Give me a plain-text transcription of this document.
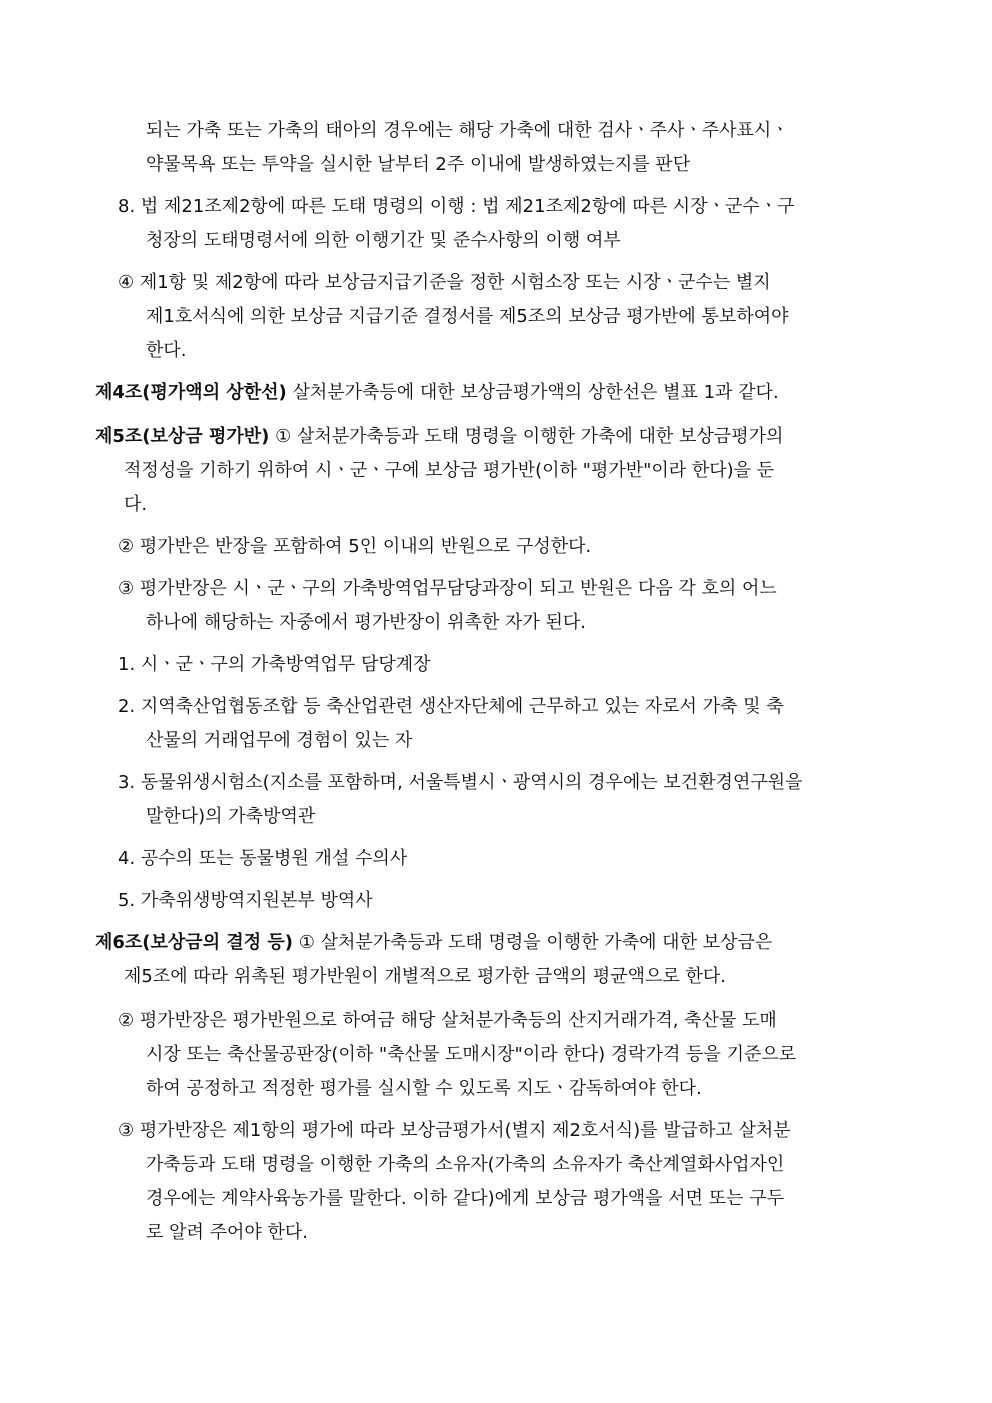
되는 가축 또는 가축의 태아의 경우에는 해당 가축에 대한 검사ㆍ주사ㆍ주사표시ㆍ
약물목욕 또는 투약을 실시한 날부터 2주 이내에 발생하였는지를 판단
8. 법 제21조제2항에 따른 도태 명령의 이행 : 법 제21조제2항에 따른 시장ㆍ군수ㆍ구
청장의 도태명령서에 의한 이행기간 및 준수사항의 이행 여부
④ 제1항 및 제2항에 따라 보상금지급기준을 정한 시험소장 또는 시장ㆍ군수는 별지
제1호서식에 의한 보상금 지급기준 결정서를 제5조의 보상금 평가반에 통보하여야
한다.
제4조(평가액의 상한선) 살처분가축등에 대한 보상금평가액의 상한선은 별표 1과 같다.
제5조(보상금 평가반) ① 살처분가축등과 도태 명령을 이행한 가축에 대한 보상금평가의
적정성을 기하기 위하여 시ㆍ군ㆍ구에 보상금 평가반(이하 "평가반"이라 한다)을 둔
다.
② 평가반은 반장을 포함하여 5인 이내의 반원으로 구성한다.
③ 평가반장은 시ㆍ군ㆍ구의 가축방역업무담당과장이 되고 반원은 다음 각 호의 어느
하나에 해당하는 자중에서 평가반장이 위촉한 자가 된다.
1. 시ㆍ군ㆍ구의 가축방역업무 담당계장
2. 지역축산업협동조합 등 축산업관련 생산자단체에 근무하고 있는 자로서 가축 및 축
산물의 거래업무에 경험이 있는 자
3. 동물위생시험소(지소를 포함하며, 서울특별시ㆍ광역시의 경우에는 보건환경연구원을
말한다)의 가축방역관
4. 공수의 또는 동물병원 개설 수의사
5. 가축위생방역지원본부 방역사
제6조(보상금의 결정 등) ① 살처분가축등과 도태 명령을 이행한 가축에 대한 보상금은
제5조에 따라 위촉된 평가반원이 개별적으로 평가한 금액의 평균액으로 한다.
② 평가반장은 평가반원으로 하여금 해당 살처분가축등의 산지거래가격, 축산물 도매
시장 또는 축산물공판장(이하 "축산물 도매시장"이라 한다) 경락가격 등을 기준으로
하여 공정하고 적정한 평가를 실시할 수 있도록 지도ㆍ감독하여야 한다.
③ 평가반장은 제1항의 평가에 따라 보상금평가서(별지 제2호서식)를 발급하고 살처분
가축등과 도태 명령을 이행한 가축의 소유자(가축의 소유자가 축산계열화사업자인
경우에는 계약사육농가를 말한다. 이하 같다)에게 보상금 평가액을 서면 또는 구두
로 알려 주어야 한다.
